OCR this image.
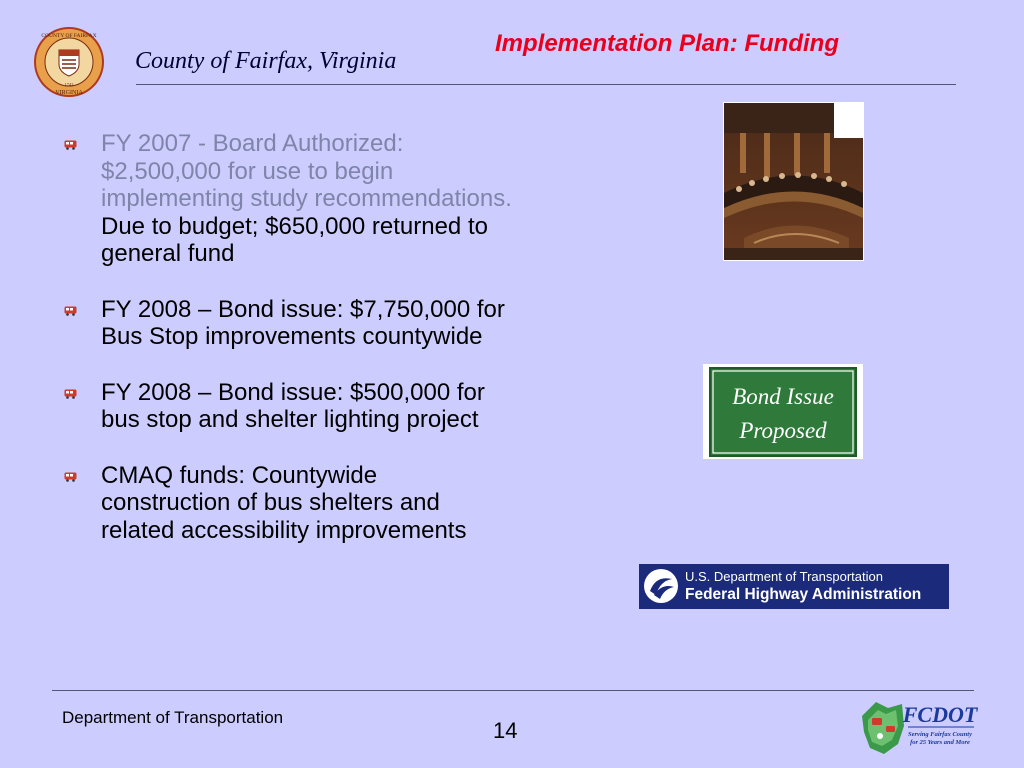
COUNTY OF FAIRFAX
VIRGINIA
1742
County of Fairfax, Virginia
Implementation Plan: Funding
FY 2007 - Board Authorized:
$2,500,000 for use to begin
implementing study recommendations.
Due to budget; $650,000 returned to
general fund
FY 2008 – Bond issue: $7,750,000 for
Bus Stop improvements countywide
FY 2008 – Bond issue: $500,000 for
bus stop and shelter lighting project
CMAQ funds: Countywide
construction of bus shelters and
related accessibility improvements
Bond Issue
Proposed
U.S. Department of Transportation
Federal Highway Administration
Department of Transportation
14
FCDOT
Serving Fairfax County
for 25 Years and More
